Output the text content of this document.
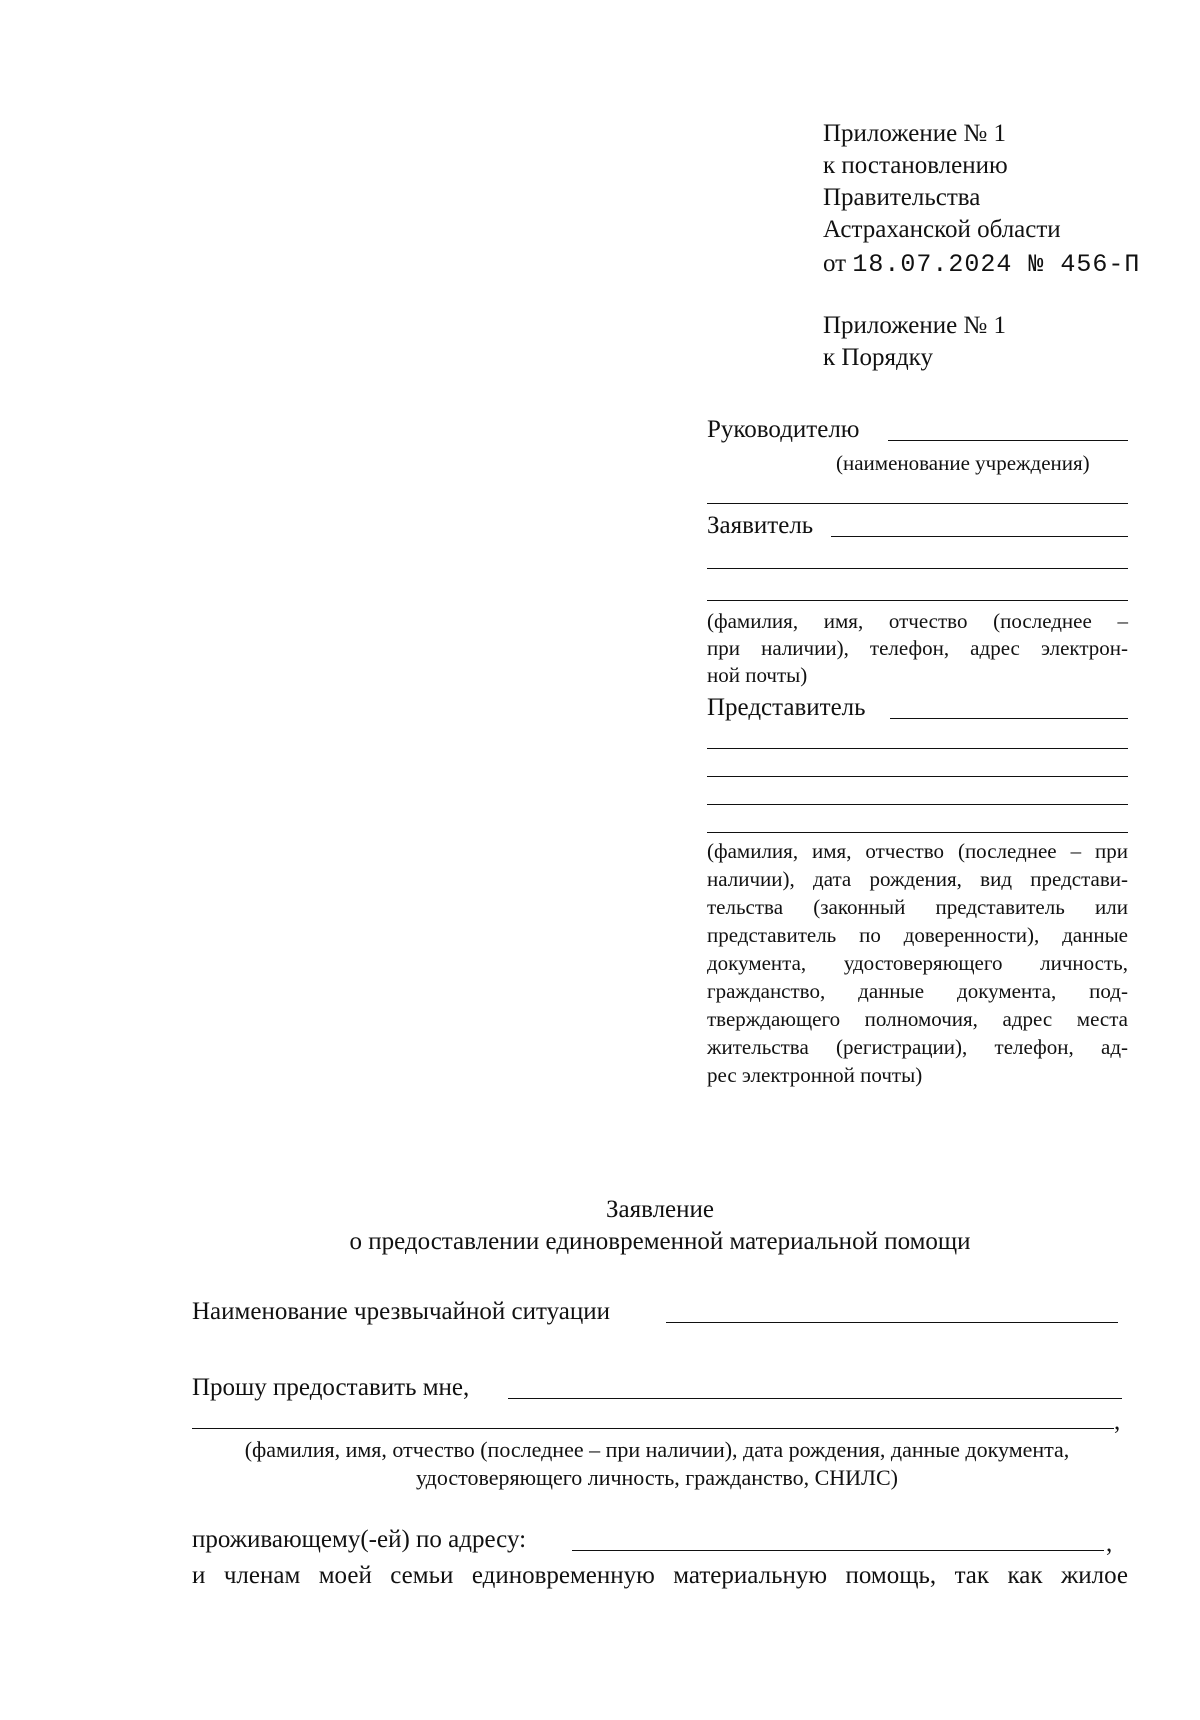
Приложение № 1
к постановлению
Правительства
Астраханской области
от 18.07.2024 № 456-П
Приложение № 1
к Порядку
Руководителю
(наименование учреждения)
Заявитель
(фамилия, имя, отчество (последнее –
при наличии), телефон, адрес электрон-
ной почты)
Представитель
(фамилия, имя, отчество (последнее – при
наличии), дата рождения, вид представи-
тельства (законный представитель или
представитель по доверенности), данные
документа, удостоверяющего личность,
гражданство, данные документа, под-
тверждающего полномочия, адрес места
жительства (регистрации), телефон, ад-
рес электронной почты)
Заявление
о предоставлении единовременной материальной помощи
Наименование чрезвычайной ситуации
Прошу предоставить мне,
,
(фамилия, имя, отчество (последнее – при наличии), дата рождения, данные документа,
удостоверяющего личность, гражданство, СНИЛС)
проживающему(-ей) по адресу:	,
и членам моей семьи единовременную материальную помощь, так как жилое
